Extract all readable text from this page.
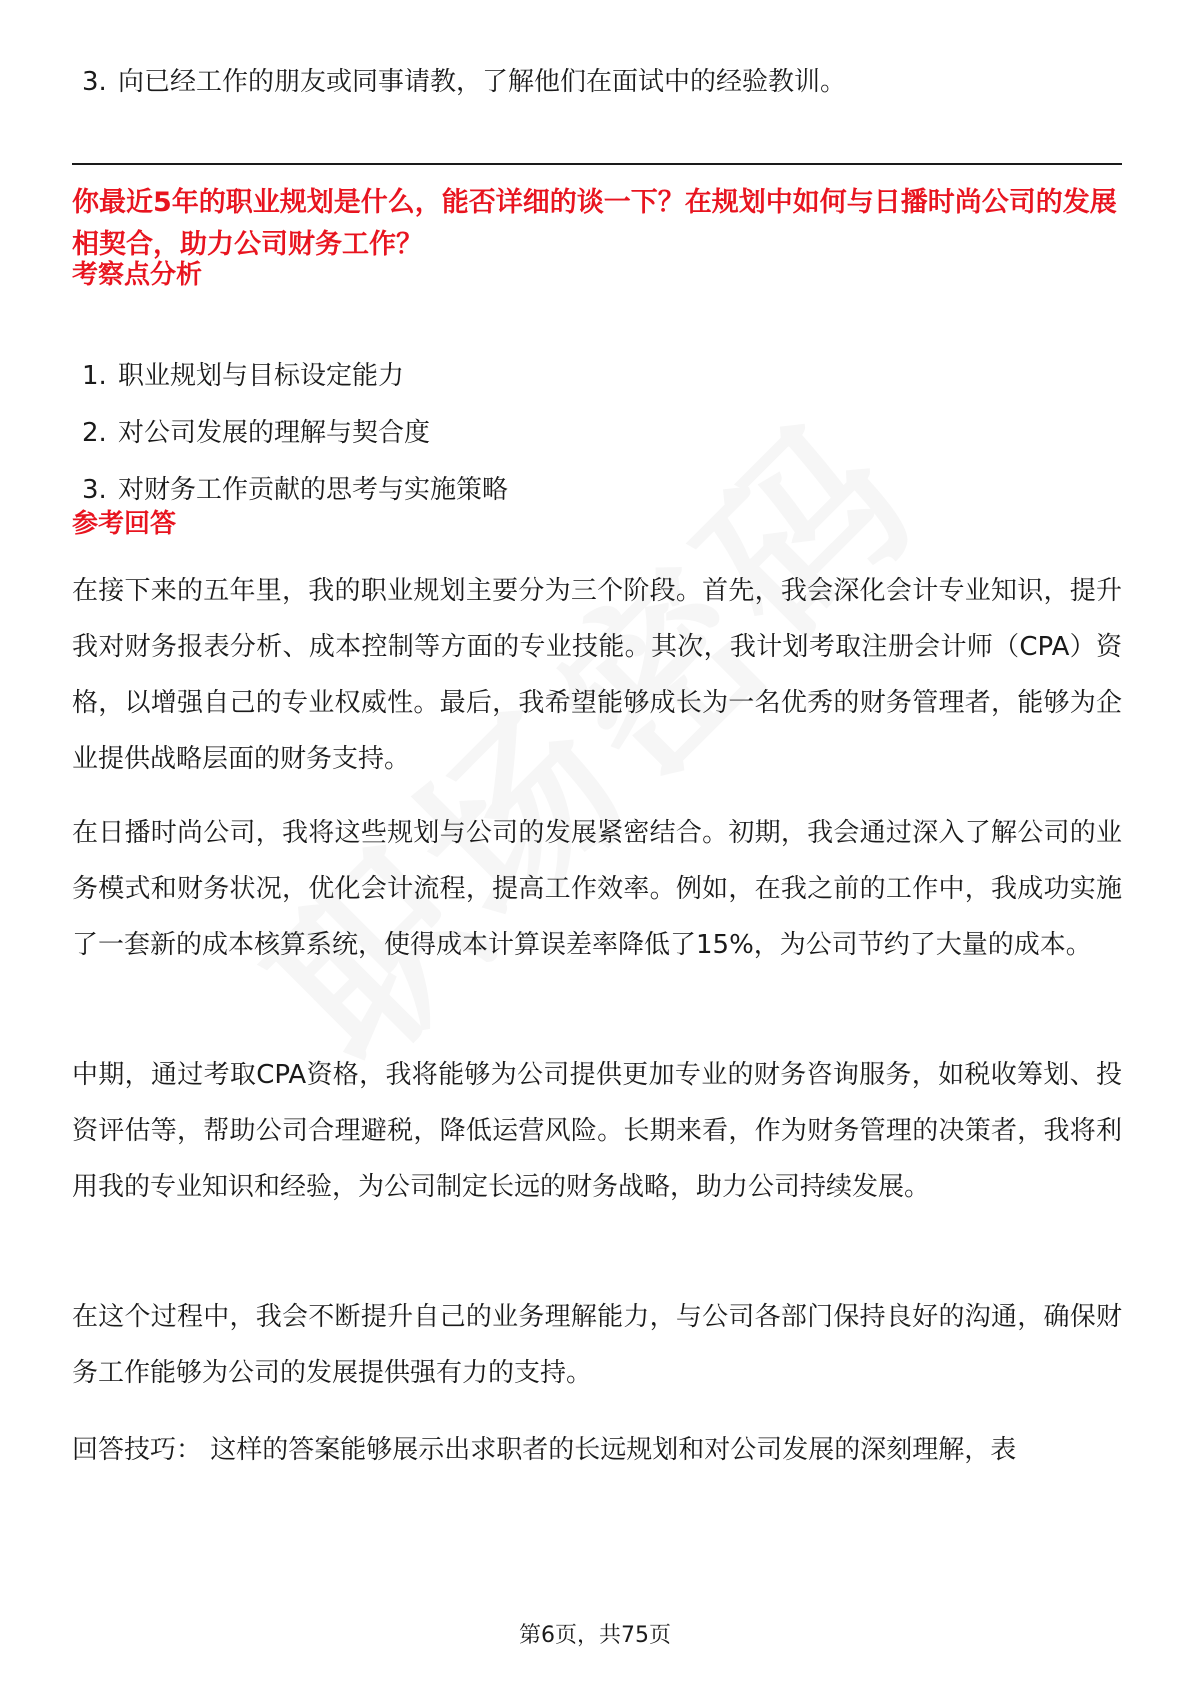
3. 向已经工作的朋友或同事请教，了解他们在面试中的经验教训。
你最近5年的职业规划是什么，能否详细的谈一下？在规划中如何与日播时尚公司的发展相契合，助力公司财务工作？
考察点分析
1. 职业规划与目标设定能力
2. 对公司发展的理解与契合度
3. 对财务工作贡献的思考与实施策略
参考回答

在接下来的五年里，我的职业规划主要分为三个阶段。首先，我会深化会计专业知识，提升我对财务报表分析、成本控制等方面的专业技能。其次，我计划考取注册会计师（CPA）资格，以增强自己的专业权威性。最后，我希望能够成长为一名优秀的财务管理者，能够为企业提供战略层面的财务支持。

在日播时尚公司，我将这些规划与公司的发展紧密结合。初期，我会通过深入了解公司的业务模式和财务状况，优化会计流程，提高工作效率。例如，在我之前的工作中，我成功实施了一套新的成本核算系统，使得成本计算误差率降低了15%，为公司节约了大量的成本。

中期，通过考取CPA资格，我将能够为公司提供更加专业的财务咨询服务，如税收筹划、投资评估等，帮助公司合理避税，降低运营风险。长期来看，作为财务管理的决策者，我将利用我的专业知识和经验，为公司制定长远的财务战略，助力公司持续发展。

在这个过程中，我会不断提升自己的业务理解能力，与公司各部门保持良好的沟通，确保财务工作能够为公司的发展提供强有力的支持。

回答技巧： 这样的答案能够展示出求职者的长远规划和对公司发展的深刻理解，表

第6页，共75页
